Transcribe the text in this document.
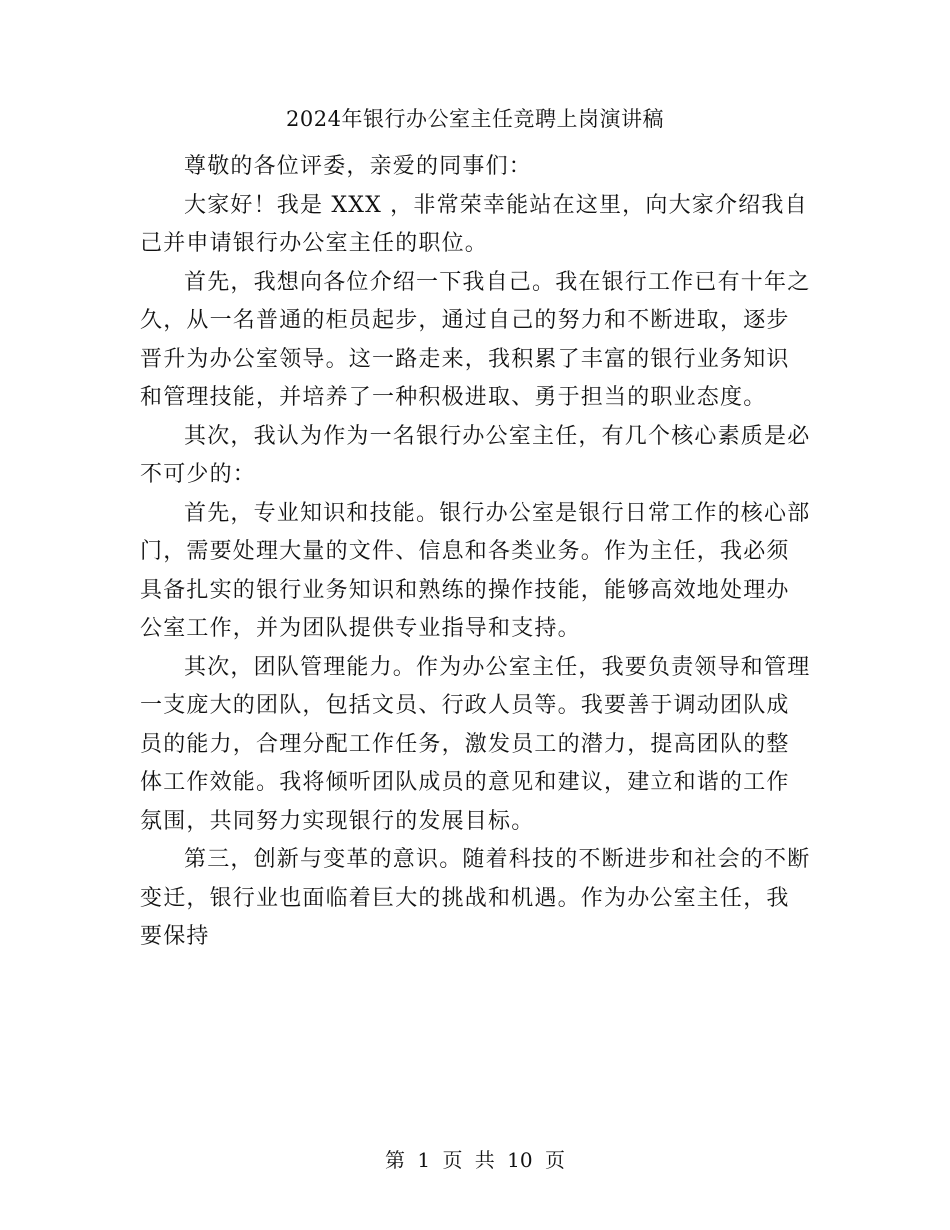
2024年银行办公室主任竞聘上岗演讲稿

尊敬的各位评委，亲爱的同事们：

大家好！我是 XXX ，非常荣幸能站在这里，向大家介绍我自己并申请银行办公室主任的职位。

首先，我想向各位介绍一下我自己。我在银行工作已有十年之久，从一名普通的柜员起步，通过自己的努力和不断进取，逐步晋升为办公室领导。这一路走来，我积累了丰富的银行业务知识和管理技能，并培养了一种积极进取、勇于担当的职业态度。

其次，我认为作为一名银行办公室主任，有几个核心素质是必不可少的：

首先，专业知识和技能。银行办公室是银行日常工作的核心部门，需要处理大量的文件、信息和各类业务。作为主任，我必须具备扎实的银行业务知识和熟练的操作技能，能够高效地处理办公室工作，并为团队提供专业指导和支持。

其次，团队管理能力。作为办公室主任，我要负责领导和管理一支庞大的团队，包括文员、行政人员等。我要善于调动团队成员的能力，合理分配工作任务，激发员工的潜力，提高团队的整体工作效能。我将倾听团队成员的意见和建议，建立和谐的工作氛围，共同努力实现银行的发展目标。

第三，创新与变革的意识。随着科技的不断进步和社会的不断变迁，银行业也面临着巨大的挑战和机遇。作为办公室主任，我要保持

第 1 页 共 10 页
